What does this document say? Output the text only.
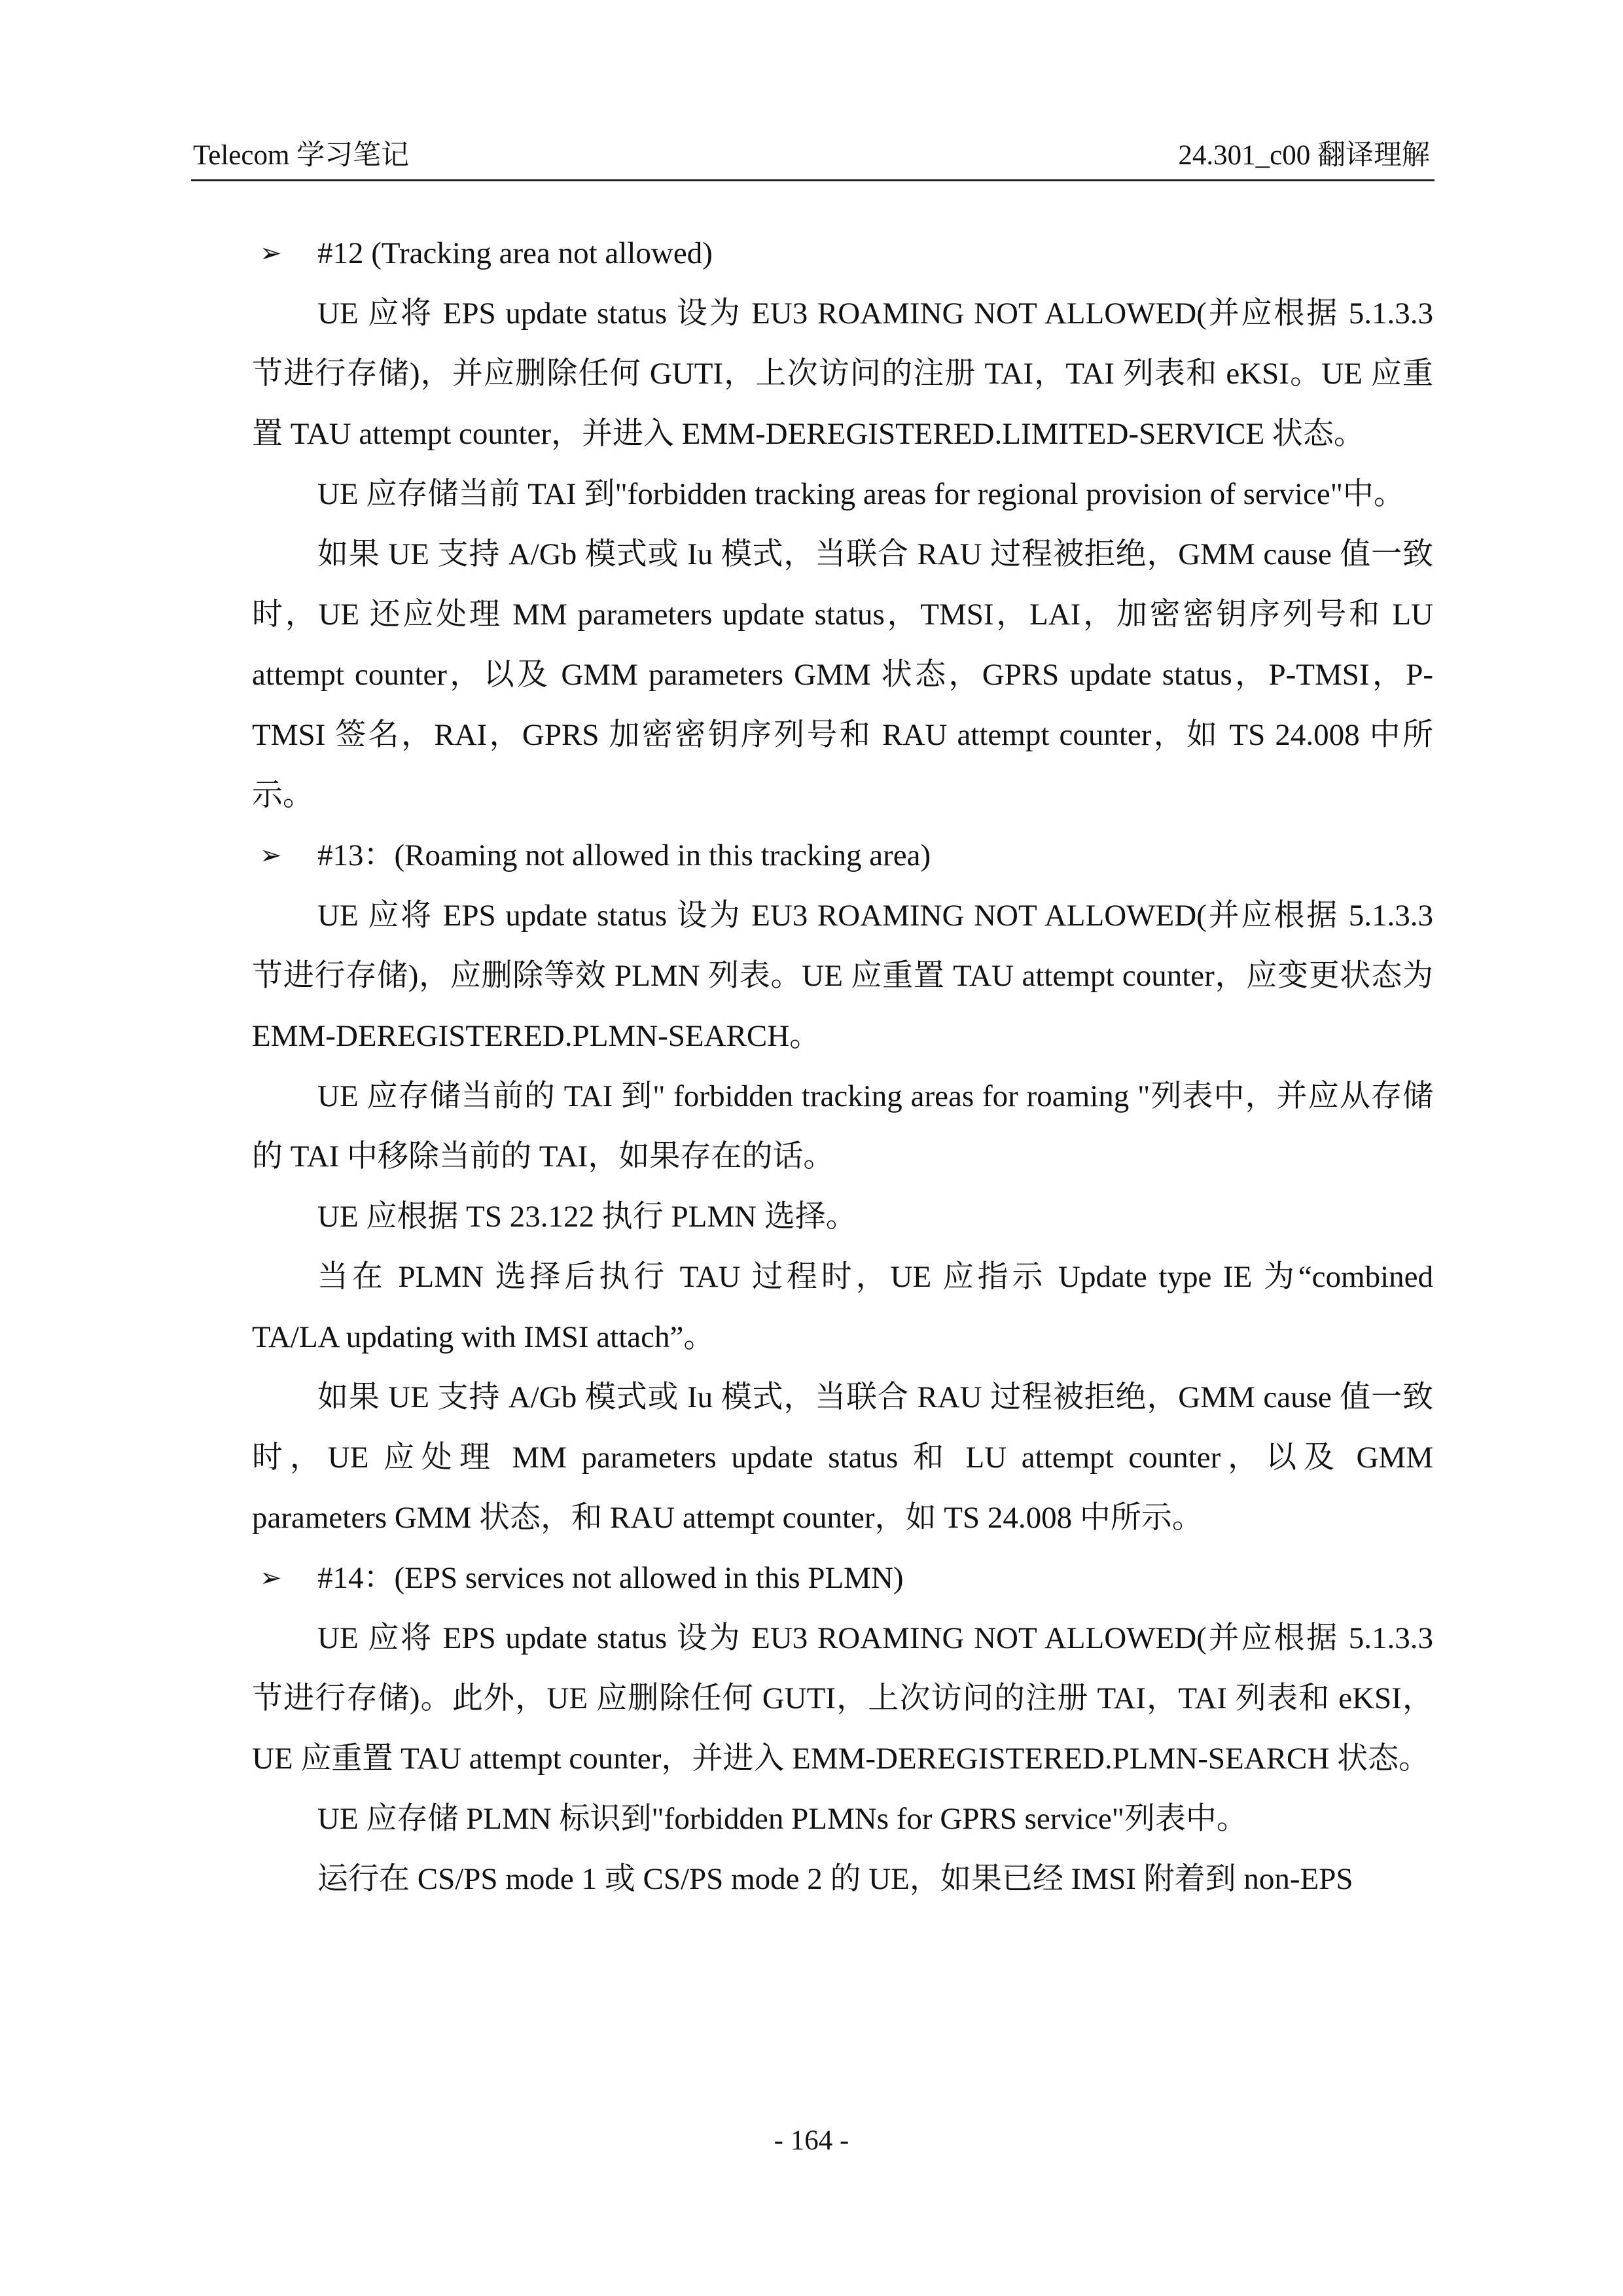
Telecom 学习笔记	24.301_c00 翻译理解

➢ #12 (Tracking area not allowed)

UE 应将 EPS update status 设为 EU3 ROAMING NOT ALLOWED(并应根据 5.1.3.3 节进行存储)，并应删除任何 GUTI，上次访问的注册 TAI，TAI 列表和 eKSI。UE 应重置 TAU attempt counter，并进入 EMM-DEREGISTERED.LIMITED-SERVICE 状态。

UE 应存储当前 TAI 到"forbidden tracking areas for regional provision of service"中。

如果 UE 支持 A/Gb 模式或 Iu 模式，当联合 RAU 过程被拒绝，GMM cause 值一致时，UE 还应处理 MM parameters update status，TMSI，LAI，加密密钥序列号和 LU attempt counter，以及 GMM parameters GMM 状态，GPRS update status，P-TMSI，P-TMSI 签名，RAI，GPRS 加密密钥序列号和 RAU attempt counter，如 TS 24.008 中所示。

➢ #13：(Roaming not allowed in this tracking area)

UE 应将 EPS update status 设为 EU3 ROAMING NOT ALLOWED(并应根据 5.1.3.3 节进行存储)，应删除等效 PLMN 列表。UE 应重置 TAU attempt counter，应变更状态为 EMM-DEREGISTERED.PLMN-SEARCH。

UE 应存储当前的 TAI 到" forbidden tracking areas for roaming "列表中，并应从存储的 TAI 中移除当前的 TAI，如果存在的话。

UE 应根据 TS 23.122 执行 PLMN 选择。

当在 PLMN 选择后执行 TAU 过程时，UE 应指示 Update type IE 为“combined TA/LA updating with IMSI attach”。

如果 UE 支持 A/Gb 模式或 Iu 模式，当联合 RAU 过程被拒绝，GMM cause 值一致时，UE 应处理 MM parameters update status 和 LU attempt counter，以及 GMM parameters GMM 状态，和 RAU attempt counter，如 TS 24.008 中所示。

➢ #14：(EPS services not allowed in this PLMN)

UE 应将 EPS update status 设为 EU3 ROAMING NOT ALLOWED(并应根据 5.1.3.3 节进行存储)。此外，UE 应删除任何 GUTI，上次访问的注册 TAI，TAI 列表和 eKSI，UE 应重置 TAU attempt counter，并进入 EMM-DEREGISTERED.PLMN-SEARCH 状态。

UE 应存储 PLMN 标识到"forbidden PLMNs for GPRS service"列表中。

运行在 CS/PS mode 1 或 CS/PS mode 2 的 UE，如果已经 IMSI 附着到 non-EPS

- 164 -
